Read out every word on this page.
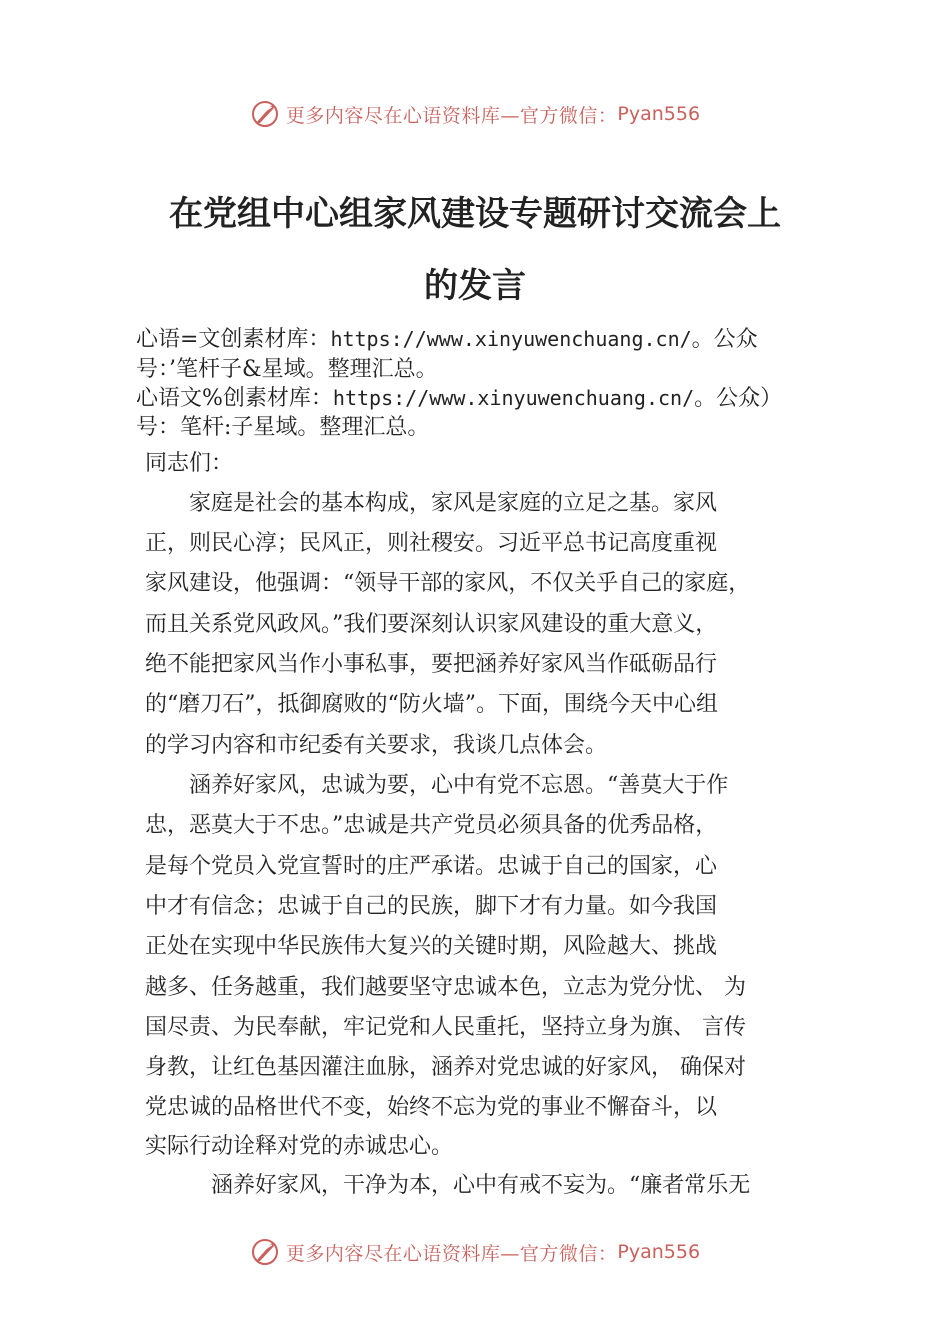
更多内容尽在心语资料库—官方微信： Pyan556
在党组中心组家风建设专题研讨交流会上
的发言
心语=文创素材库：https://www.xinyuwenchuang.cn/。公众
号：’笔杆子&星域。整理汇总。
心语文%创素材库：https://www.xinyuwenchuang.cn/。公众）
号：笔杆:子星域。整理汇总。
同志们：
　　家庭是社会的基本构成，家风是家庭的立足之基。家风
正，则民心淳；民风正，则社稷安。习近平总书记高度重视
家风建设，他强调：“领导干部的家风，不仅关乎自己的家庭，
而且关系党风政风。”我们要深刻认识家风建设的重大意义，
绝不能把家风当作小事私事，要把涵养好家风当作砥砺品行
的“磨刀石”，抵御腐败的“防火墙”。下面，围绕今天中心组
的学习内容和市纪委有关要求，我谈几点体会。
　　涵养好家风，忠诚为要，心中有党不忘恩。“善莫大于作
忠，恶莫大于不忠。”忠诚是共产党员必须具备的优秀品格，
是每个党员入党宣誓时的庄严承诺。忠诚于自己的国家，心
中才有信念；忠诚于自己的民族，脚下才有力量。如今我国
正处在实现中华民族伟大复兴的关键时期，风险越大、挑战
越多、任务越重，我们越要坚守忠诚本色，立志为党分忧、 为
国尽责、为民奉献，牢记党和人民重托，坚持立身为旗、 言传
身教，让红色基因灌注血脉，涵养对党忠诚的好家风， 确保对
党忠诚的品格世代不变，始终不忘为党的事业不懈奋斗，以
实际行动诠释对党的赤诚忠心。
　　　涵养好家风，干净为本，心中有戒不妄为。“廉者常乐无
更多内容尽在心语资料库—官方微信： Pyan556
